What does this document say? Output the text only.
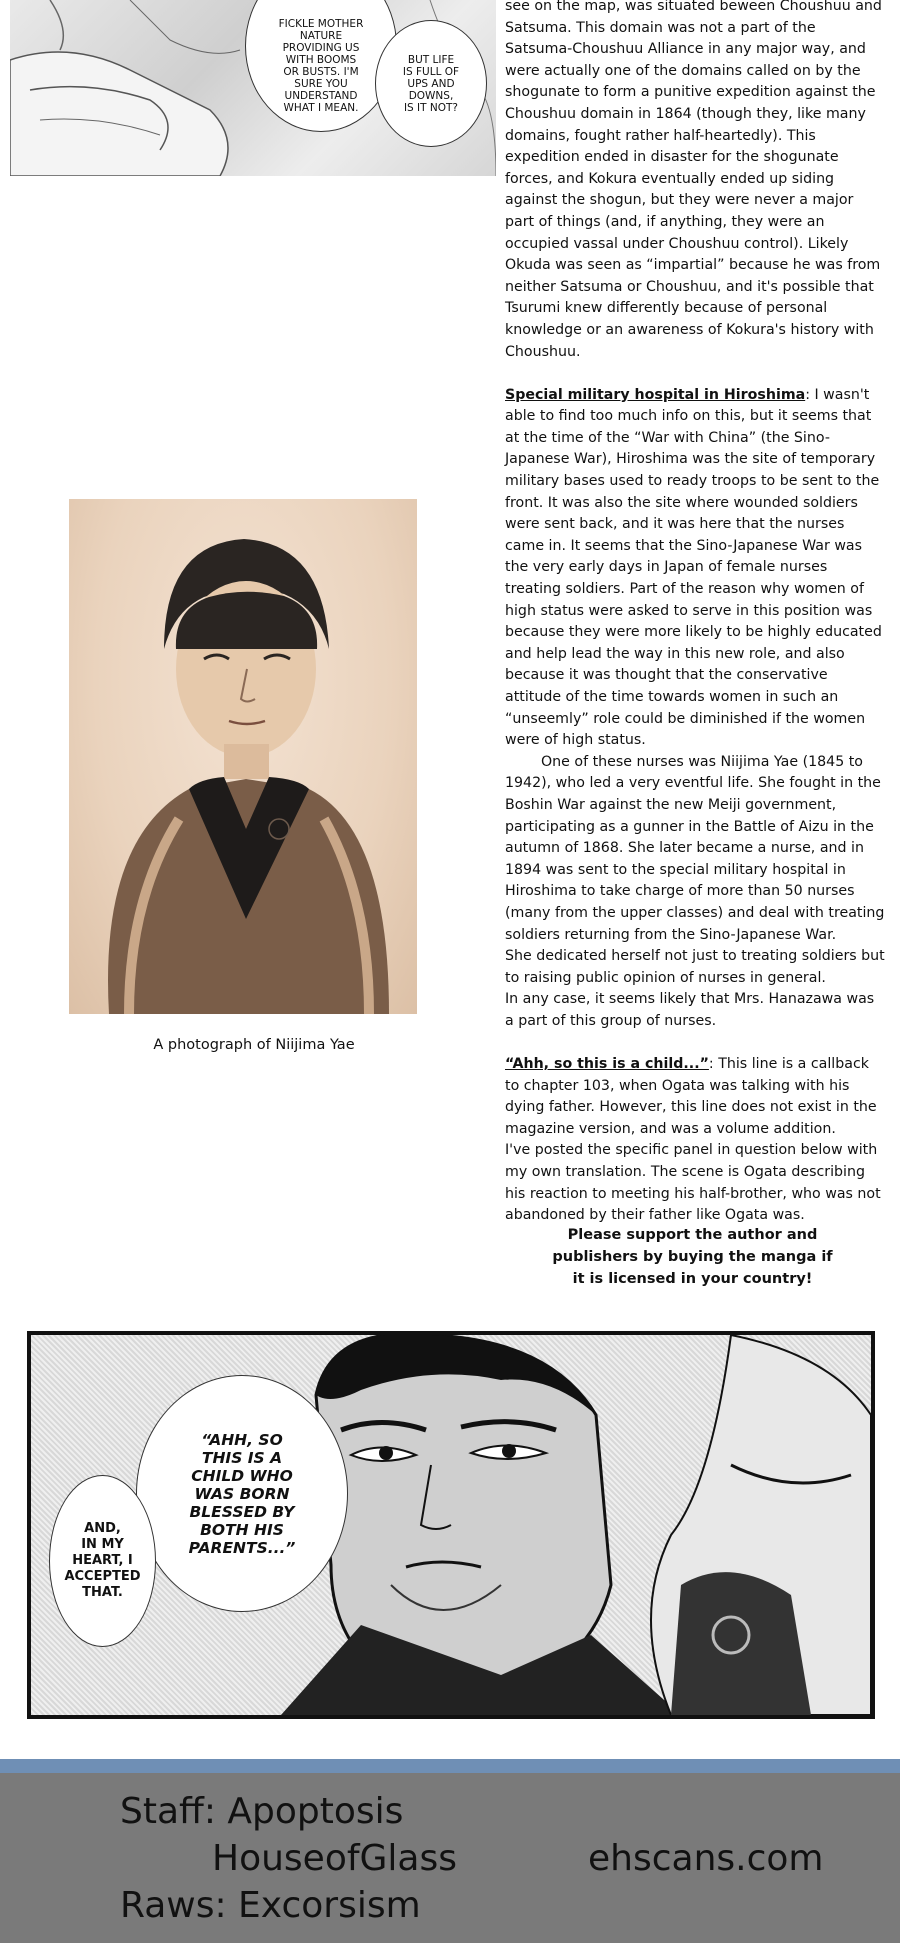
FICKLE MOTHER
NATURE
PROVIDING US
WITH BOOMS
OR BUSTS. I'M
SURE YOU
UNDERSTAND
WHAT I MEAN.
BUT LIFE
IS FULL OF
UPS AND
DOWNS,
IS IT NOT?

see on the map, was situated beween Choushuu and Satsuma. This domain was not a part of the Satsuma-Choushuu Alliance in any major way, and were actually one of the domains called on by the shogunate to form a punitive expedition against the Choushuu domain in 1864 (though they, like many domains, fought rather half-heartedly). This expedition ended in disaster for the shogunate forces, and Kokura eventually ended up siding against the shogun, but they were never a major part of things (and, if anything, they were an occupied vassal under Choushuu control). Likely Okuda was seen as “impartial” because he was from neither Satsuma or Choushuu, and it's possible that Tsurumi knew differently because of personal knowledge or an awareness of Kokura's history with Choushuu.

Special military hospital in Hiroshima: I wasn't able to find too much info on this, but it seems that at the time of the “War with China” (the Sino-Japanese War), Hiroshima was the site of temporary military bases used to ready troops to be sent to the front. It was also the site where wounded soldiers were sent back, and it was here that the nurses came in. It seems that the Sino-Japanese War was the very early days in Japan of female nurses treating soldiers. Part of the reason why women of high status were asked to serve in this position was because they were more likely to be highly educated and help lead the way in this new role, and also because it was thought that the conservative attitude of the time towards women in such an “unseemly” role could be diminished if the women were of high status.

One of these nurses was Niijima Yae (1845 to 1942), who led a very eventful life. She fought in the Boshin War against the new Meiji government, participating as a gunner in the Battle of Aizu in the autumn of 1868. She later became a nurse, and in 1894 was sent to the special military hospital in Hiroshima to take charge of more than 50 nurses (many from the upper classes) and deal with treating soldiers returning from the Sino-Japanese War.

She dedicated herself not just to treating soldiers but to raising public opinion of nurses in general.

In any case, it seems likely that Mrs. Hanazawa was a part of this group of nurses.

“Ahh, so this is a child...”: This line is a callback to chapter 103, when Ogata was talking with his dying father. However, this line does not exist in the magazine version, and was a volume addition.

I've posted the specific panel in question below with my own translation. The scene is Ogata describing his reaction to meeting his half-brother, who was not abandoned by their father like Ogata was.

A photograph of Niijima Yae
Please support the author and
publishers by buying the manga if
it is licensed in your country!
“AHH, SO
THIS IS A
CHILD WHO
WAS BORN
BLESSED BY
BOTH HIS
PARENTS...”
AND,
IN MY
HEART, I
ACCEPTED
THAT.
Staff: Apoptosis
HouseofGlass	ehscans.com
Raws: Excorsism
